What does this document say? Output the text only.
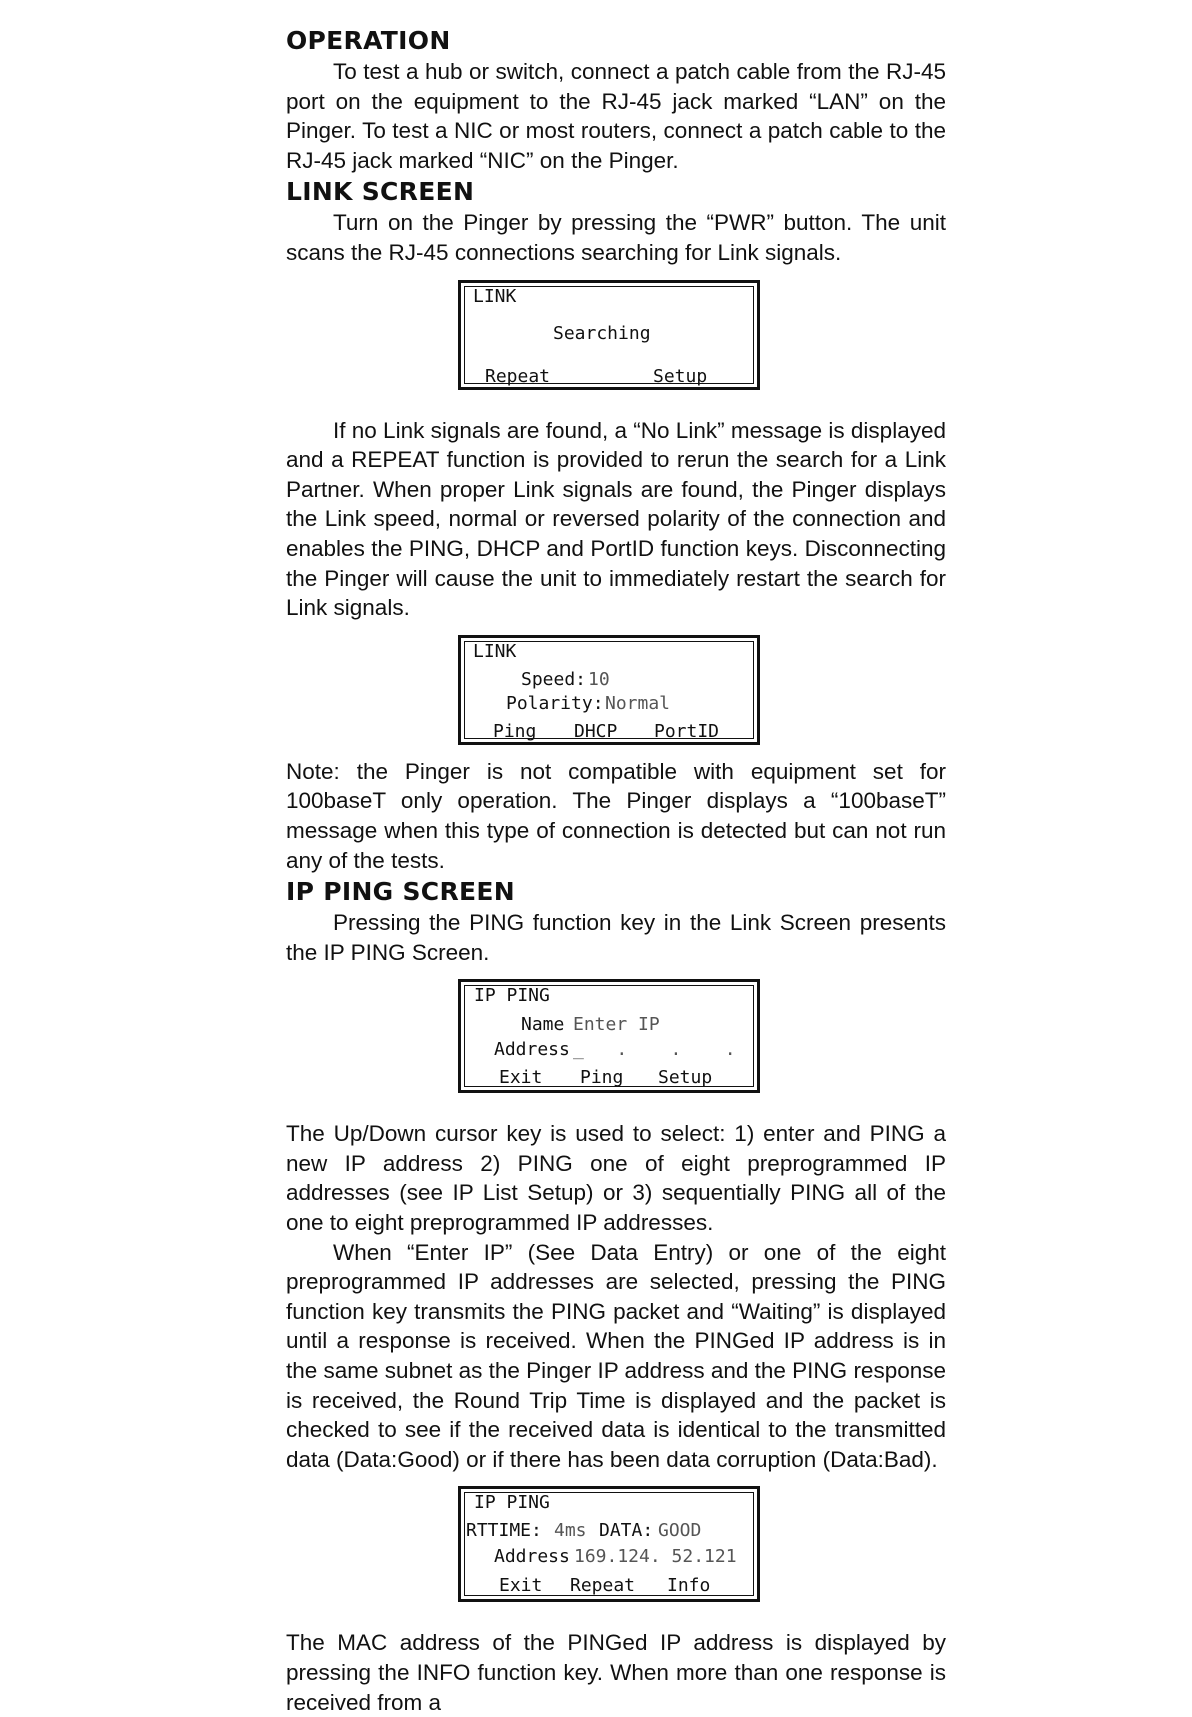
OPERATION

To test a hub or switch, connect a patch cable from the RJ-45 port on the equipment to the RJ-45 jack marked “LAN” on the Pinger. To test a NIC or most routers, connect a patch cable to the RJ-45 jack marked “NIC” on the Pinger.

LINK SCREEN

Turn on the Pinger by pressing the “PWR” button. The unit scans the RJ-45 connections searching for Link signals.

LINK
Searching
Repeat	Setup

If no Link signals are found, a “No Link” message is displayed and a REPEAT function is provided to rerun the search for a Link Partner. When proper Link signals are found, the Pinger displays the Link speed, normal or reversed polarity of the connection and enables the PING, DHCP and PortID function keys. Disconnecting the Pinger will cause the unit to immediately restart the search for Link signals.

LINK
Speed: 10
Polarity: Normal
Ping DHCP PortID

Note: the Pinger is not compatible with equipment set for 100baseT only operation. The Pinger displays a “100baseT” message when this type of connection is detected but can not run any of the tests.

IP PING SCREEN

Pressing the PING function key in the Link Screen presents the IP PING Screen.

IP PING
Name Enter IP
Address _   .    .    .
Exit Ping Setup

The Up/Down cursor key is used to select: 1) enter and PING a new IP address 2) PING one of eight preprogrammed IP addresses (see IP List Setup) or 3) sequentially PING all of the one to eight preprogrammed IP addresses.

When “Enter IP” (See Data Entry) or one of the eight preprogrammed IP addresses are selected, pressing the PING function key transmits the PING packet and “Waiting” is displayed until a response is received. When the PINGed IP address is in the same subnet as the Pinger IP address and the PING response is received, the Round Trip Time is displayed and the packet is checked to see if the received data is identical to the transmitted data (Data:Good) or if there has been data corruption (Data:Bad).

IP PING
RTTIME: 4ms DATA: GOOD
Address 169.124. 52.121
Exit Repeat Info

The MAC address of the PINGed IP address is displayed by pressing the INFO function key. When more than one response is received from a
